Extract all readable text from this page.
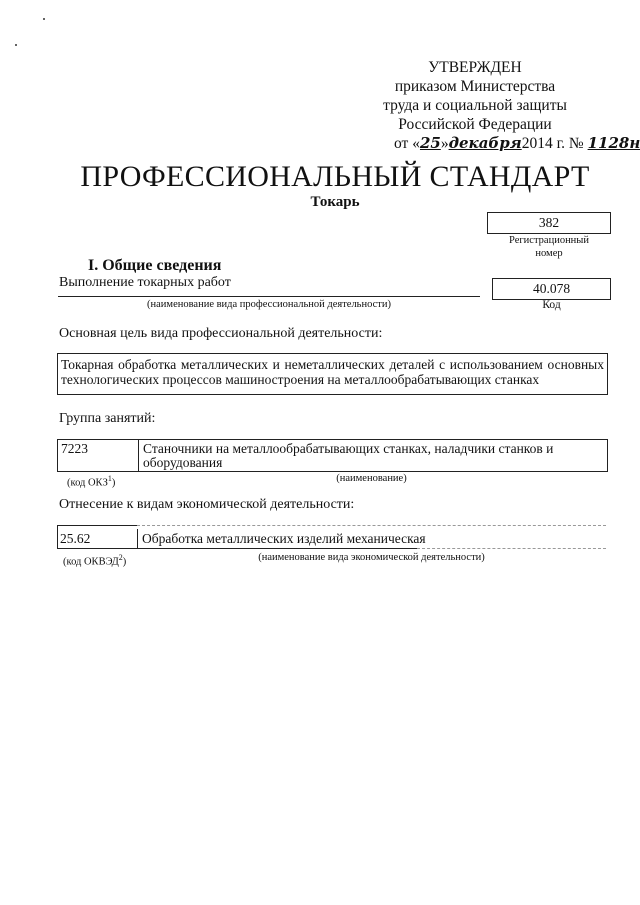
УТВЕРЖДЕН
приказом Министерства
труда и социальной защиты
Российской Федерации
от «25»декабря2014 г. № 1128н
ПРОФЕССИОНАЛЬНЫЙ СТАНДАРТ
Токарь
382
Регистрационный
номер
I. Общие сведения
Выполнение токарных работ
(наименование вида профессиональной деятельности)
40.078
Код
Основная цель вида профессиональной деятельности:
Токарная обработка металлических и неметаллических деталей с использованием основных
технологических процессов машиностроения на металлообрабатывающих станках
Группа занятий:
7223	Станочники на металлообрабатывающих станках, наладчики станков и
оборудования
(код ОКЗ$^1$)	(наименование)
Отнесение к видам экономической деятельности:
25.62	Обработка металлических изделий механическая
(код ОКВЭД$^2$)	(наименование вида экономической деятельности)
